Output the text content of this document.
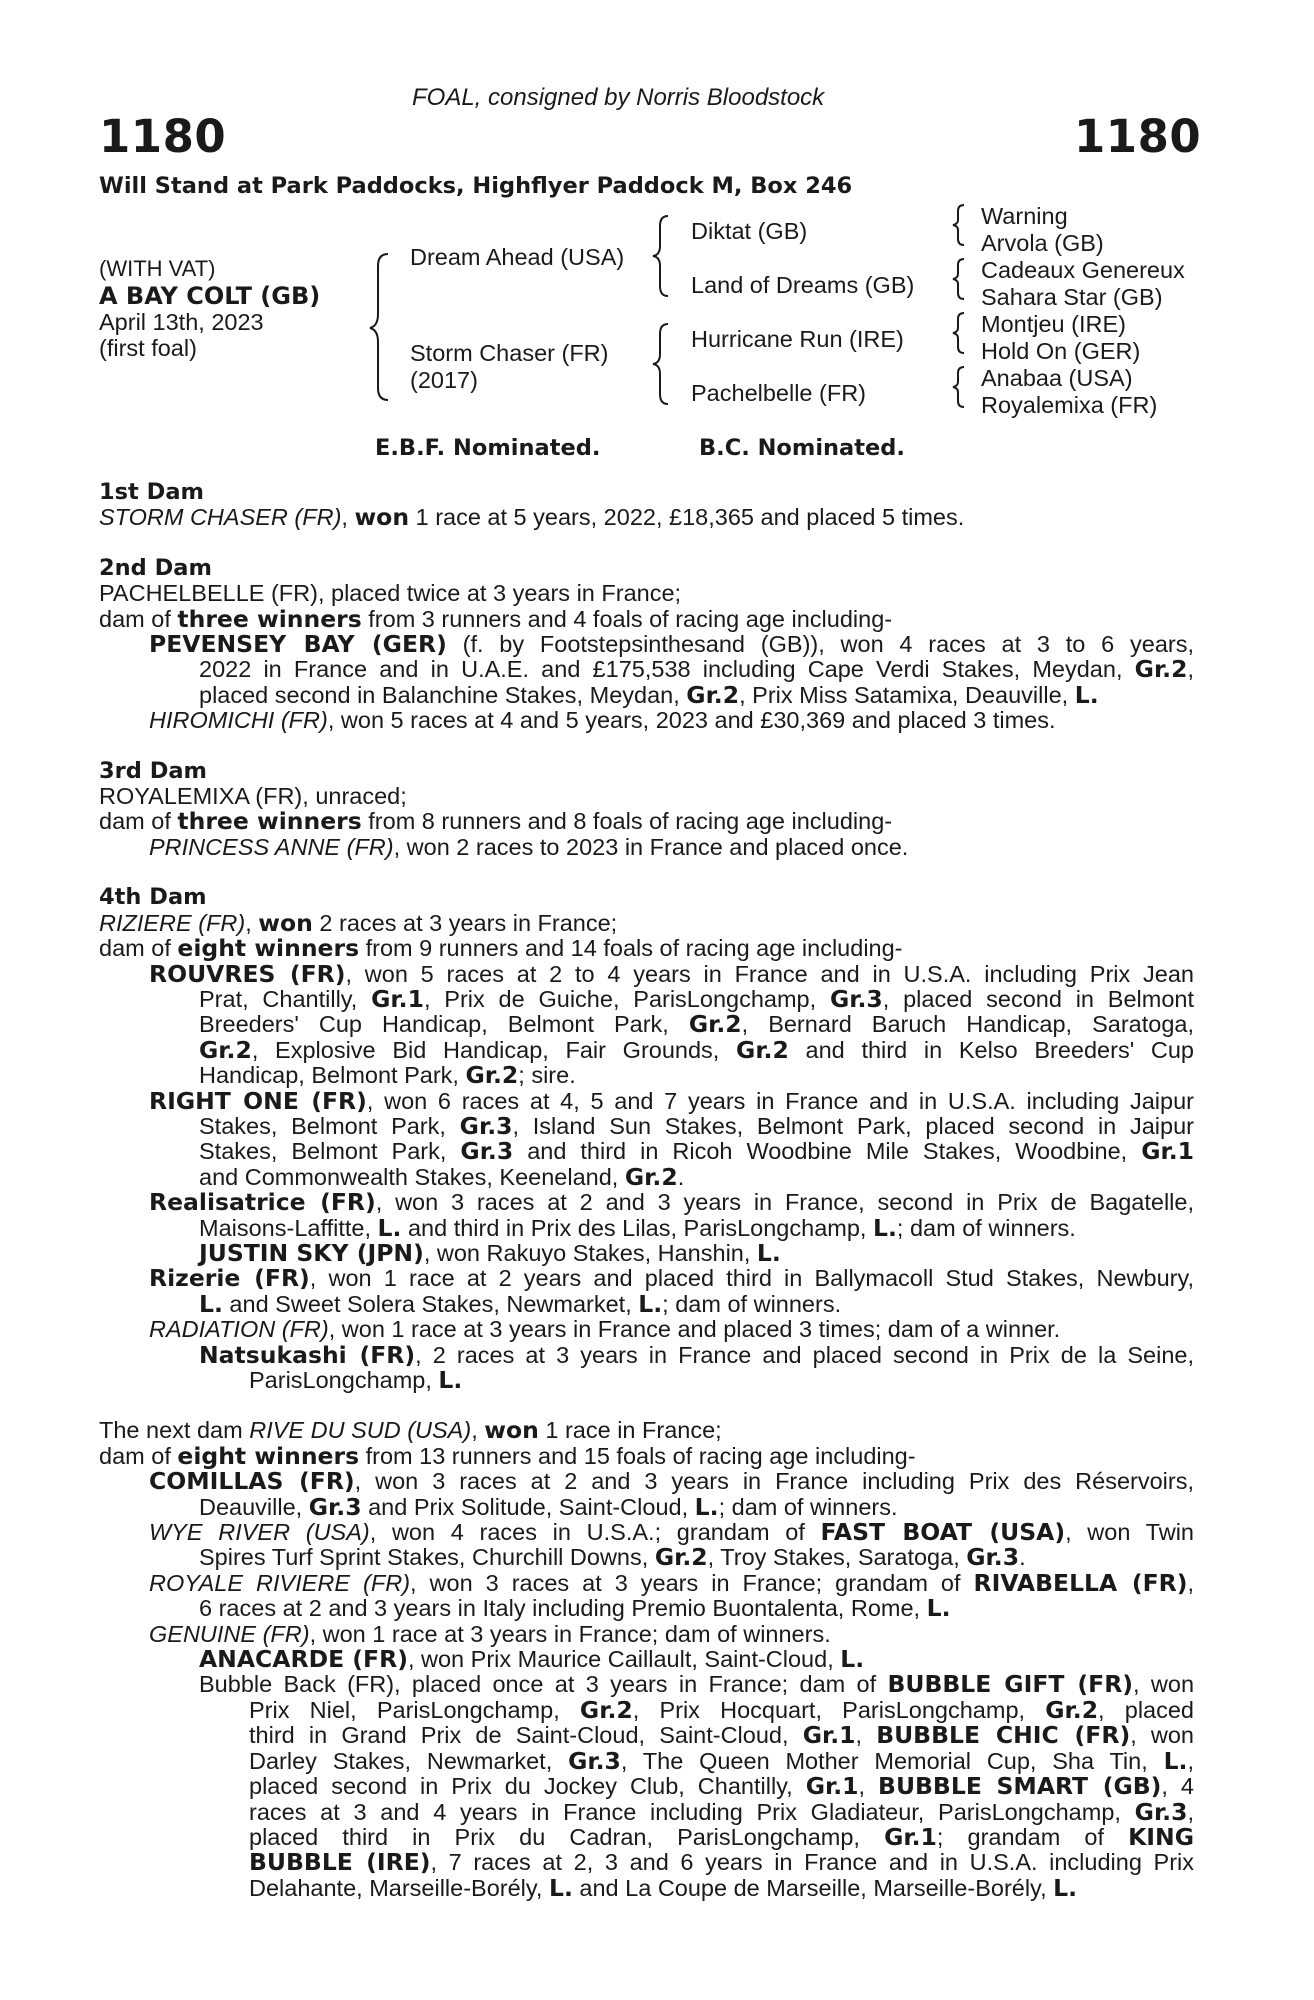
FOAL, consigned by Norris Bloodstock
1180	1180
Will Stand at Park Paddocks, Highflyer Paddock M, Box 246
(WITH VAT)
A BAY COLT (GB)
April 13th, 2023
(first foal)
Dream Ahead (USA)
Storm Chaser (FR)
(2017)
Diktat (GB)
Land of Dreams (GB)
Hurricane Run (IRE)
Pachelbelle (FR)
Warning
Arvola (GB)
Cadeaux Genereux
Sahara Star (GB)
Montjeu (IRE)
Hold On (GER)
Anabaa (USA)
Royalemixa (FR)
E.B.F. Nominated.	B.C. Nominated.
1st Dam
STORM CHASER (FR), won 1 race at 5 years, 2022, £18,365 and placed 5 times.
2nd Dam
PACHELBELLE (FR), placed twice at 3 years in France;
dam of three winners from 3 runners and 4 foals of racing age including-
PEVENSEY BAY (GER) (f. by Footstepsinthesand (GB)), won 4 races at 3 to 6 years,
2022 in France and in U.A.E. and £175,538 including Cape Verdi Stakes, Meydan, Gr.2,
placed second in Balanchine Stakes, Meydan, Gr.2, Prix Miss Satamixa, Deauville, L.
HIROMICHI (FR), won 5 races at 4 and 5 years, 2023 and £30,369 and placed 3 times.
3rd Dam
ROYALEMIXA (FR), unraced;
dam of three winners from 8 runners and 8 foals of racing age including-
PRINCESS ANNE (FR), won 2 races to 2023 in France and placed once.
4th Dam
RIZIERE (FR), won 2 races at 3 years in France;
dam of eight winners from 9 runners and 14 foals of racing age including-
ROUVRES (FR), won 5 races at 2 to 4 years in France and in U.S.A. including Prix Jean
Prat, Chantilly, Gr.1, Prix de Guiche, ParisLongchamp, Gr.3, placed second in Belmont
Breeders' Cup Handicap, Belmont Park, Gr.2, Bernard Baruch Handicap, Saratoga,
Gr.2, Explosive Bid Handicap, Fair Grounds, Gr.2 and third in Kelso Breeders' Cup
Handicap, Belmont Park, Gr.2; sire.
RIGHT ONE (FR), won 6 races at 4, 5 and 7 years in France and in U.S.A. including Jaipur
Stakes, Belmont Park, Gr.3, Island Sun Stakes, Belmont Park, placed second in Jaipur
Stakes, Belmont Park, Gr.3 and third in Ricoh Woodbine Mile Stakes, Woodbine, Gr.1
and Commonwealth Stakes, Keeneland, Gr.2.
Realisatrice (FR), won 3 races at 2 and 3 years in France, second in Prix de Bagatelle,
Maisons-Laffitte, L. and third in Prix des Lilas, ParisLongchamp, L.; dam of winners.
JUSTIN SKY (JPN), won Rakuyo Stakes, Hanshin, L.
Rizerie (FR), won 1 race at 2 years and placed third in Ballymacoll Stud Stakes, Newbury,
L. and Sweet Solera Stakes, Newmarket, L.; dam of winners.
RADIATION (FR), won 1 race at 3 years in France and placed 3 times; dam of a winner.
Natsukashi (FR), 2 races at 3 years in France and placed second in Prix de la Seine,
ParisLongchamp, L.
The next dam RIVE DU SUD (USA), won 1 race in France;
dam of eight winners from 13 runners and 15 foals of racing age including-
COMILLAS (FR), won 3 races at 2 and 3 years in France including Prix des Réservoirs,
Deauville, Gr.3 and Prix Solitude, Saint-Cloud, L.; dam of winners.
WYE RIVER (USA), won 4 races in U.S.A.; grandam of FAST BOAT (USA), won Twin
Spires Turf Sprint Stakes, Churchill Downs, Gr.2, Troy Stakes, Saratoga, Gr.3.
ROYALE RIVIERE (FR), won 3 races at 3 years in France; grandam of RIVABELLA (FR),
6 races at 2 and 3 years in Italy including Premio Buontalenta, Rome, L.
GENUINE (FR), won 1 race at 3 years in France; dam of winners.
ANACARDE (FR), won Prix Maurice Caillault, Saint-Cloud, L.
Bubble Back (FR), placed once at 3 years in France; dam of BUBBLE GIFT (FR), won
Prix Niel, ParisLongchamp, Gr.2, Prix Hocquart, ParisLongchamp, Gr.2, placed
third in Grand Prix de Saint-Cloud, Saint-Cloud, Gr.1, BUBBLE CHIC (FR), won
Darley Stakes, Newmarket, Gr.3, The Queen Mother Memorial Cup, Sha Tin, L.,
placed second in Prix du Jockey Club, Chantilly, Gr.1, BUBBLE SMART (GB), 4
races at 3 and 4 years in France including Prix Gladiateur, ParisLongchamp, Gr.3,
placed third in Prix du Cadran, ParisLongchamp, Gr.1; grandam of KING
BUBBLE (IRE), 7 races at 2, 3 and 6 years in France and in U.S.A. including Prix
Delahante, Marseille-Borély, L. and La Coupe de Marseille, Marseille-Borély, L.
